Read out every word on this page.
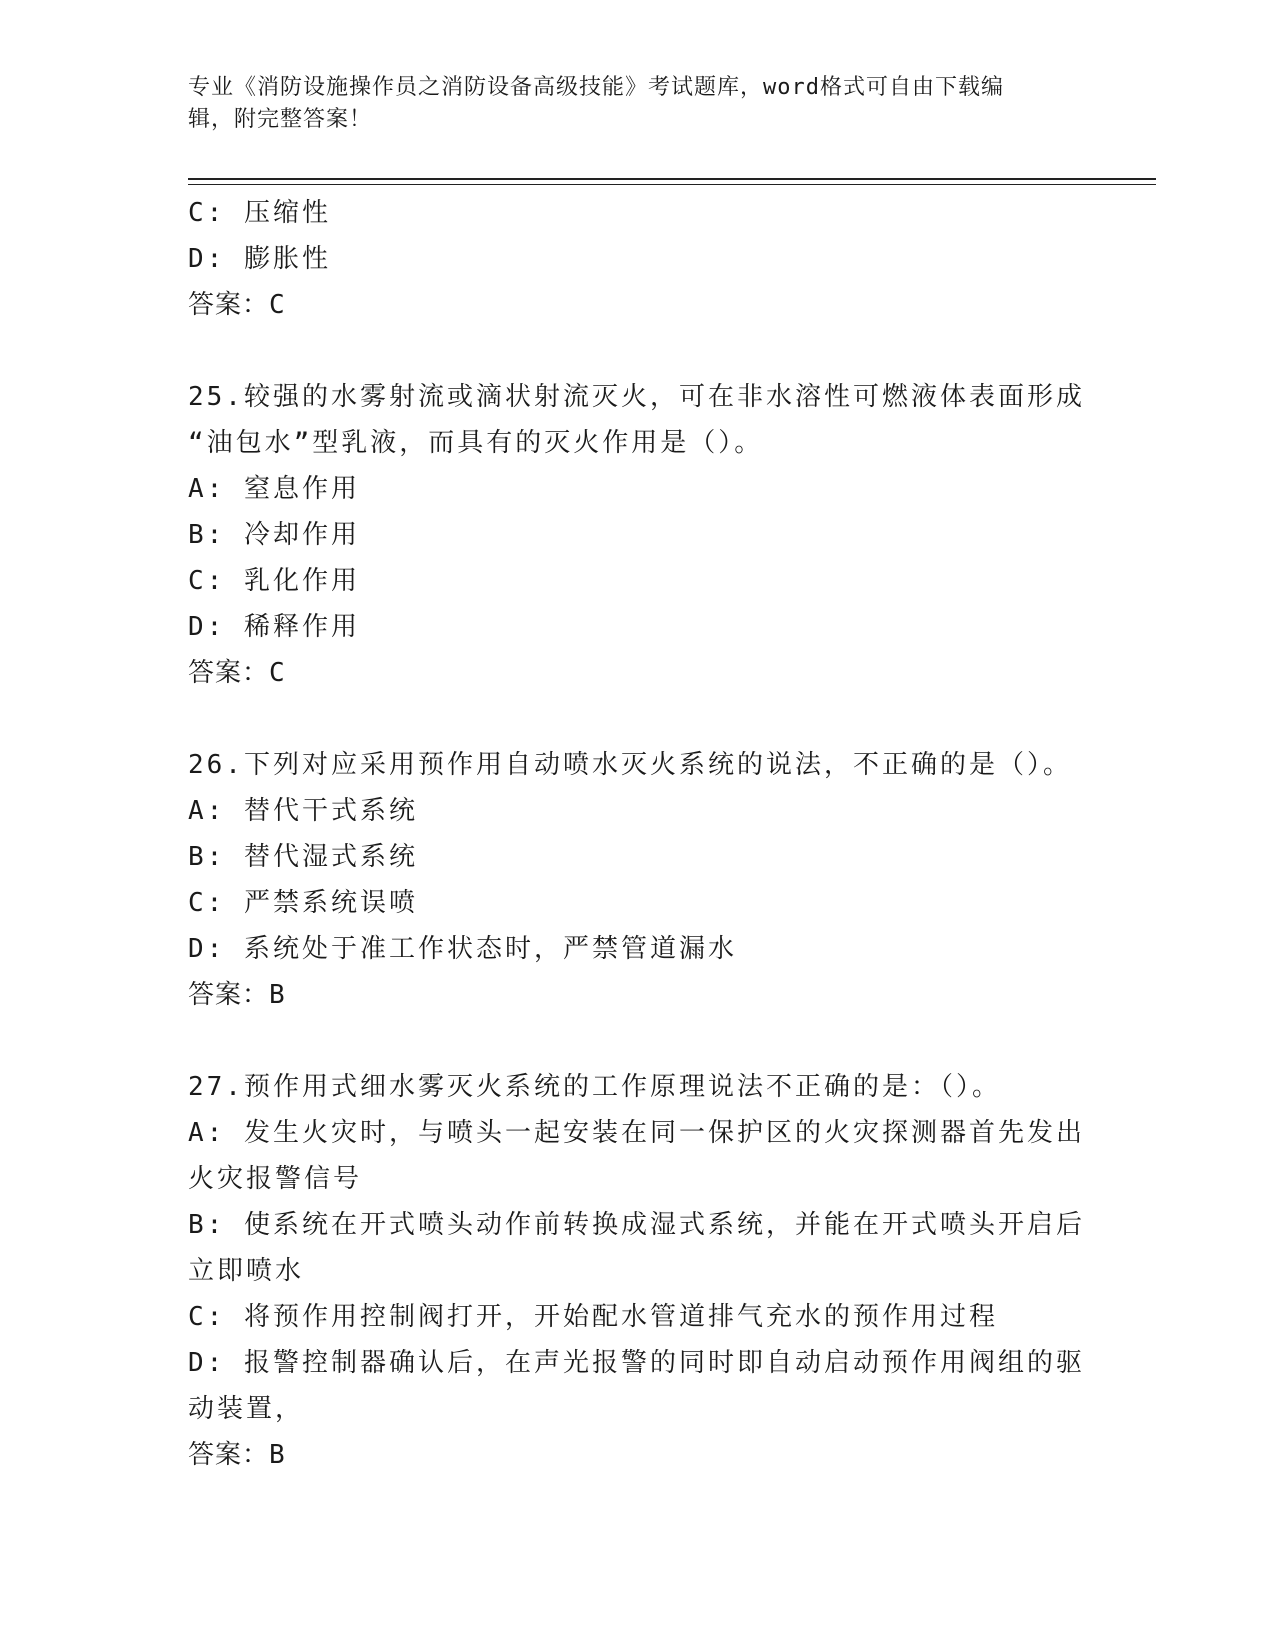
专业《消防设施操作员之消防设备高级技能》考试题库，word格式可自由下载编
辑，附完整答案！
C: 压缩性
D: 膨胀性
答案：C
25.较强的水雾射流或滴状射流灭火，可在非水溶性可燃液体表面形成
“油包水”型乳液，而具有的灭火作用是（）。
A: 窒息作用
B: 冷却作用
C: 乳化作用
D: 稀释作用
答案：C
26.下列对应采用预作用自动喷水灭火系统的说法，不正确的是（）。
A: 替代干式系统
B: 替代湿式系统
C: 严禁系统误喷
D: 系统处于准工作状态时，严禁管道漏水
答案：B
27.预作用式细水雾灭火系统的工作原理说法不正确的是：（）。
A: 发生火灾时，与喷头一起安装在同一保护区的火灾探测器首先发出
火灾报警信号
B: 使系统在开式喷头动作前转换成湿式系统，并能在开式喷头开启后
立即喷水
C: 将预作用控制阀打开，开始配水管道排气充水的预作用过程
D: 报警控制器确认后，在声光报警的同时即自动启动预作用阀组的驱
动装置，
答案：B
